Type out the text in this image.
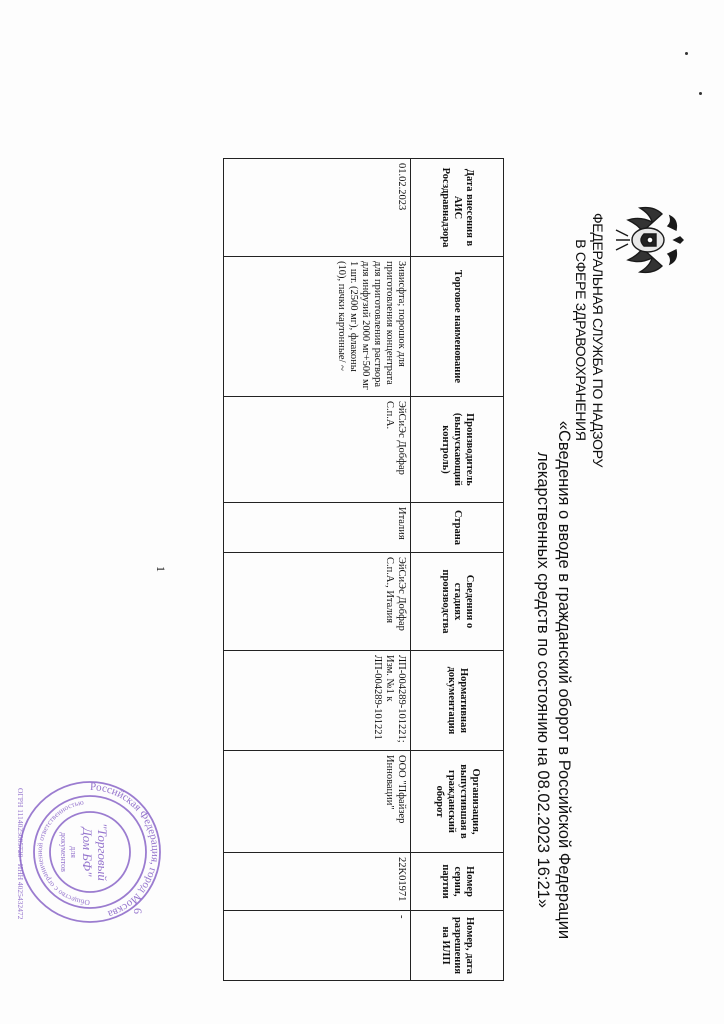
ФЕДЕРАЛЬНАЯ СЛУЖБА ПО НАДЗОРУ
В СФЕРЕ ЗДРАВООХРАНЕНИЯ
«Сведения о вводе в гражданский оборот в Российской Федерации
лекарственных средств по состоянию на 08.02.2023 16:21»
Дата внесения в АИС Росздравнадзора	Торговое наименование	Производитель (выпускающий контроль)	Страна	Сведения о стадиях производства	Нормативная документация	Организация, выпустившая в гражданский оборот	Номер серии, партии	Номер, дата разрешения на ИЛП
01.02.2023	Зивисфта; порошок для приготовления концентрата для приготовления раствора для инфузий 2000 мг+500 мг 1 шт. (2500 мг), флаконы (10), пачки картонные/ ~	ЭйСиЭс Добфар С.п.А.	Италия	ЭйСиЭс Добфар С.п.А., Италия	ЛП-004289-101221; Изм. №1 к ЛП-004289-101221	ООО "Пфайзер Инновации"	22K01971	-
1
Российская Федерация, город Москва
Общество с ограниченной ответственностью
ОГРН 1114025005720 • ИНН 4025432472	"Торговый
Дом БФ"
для
документов
6
